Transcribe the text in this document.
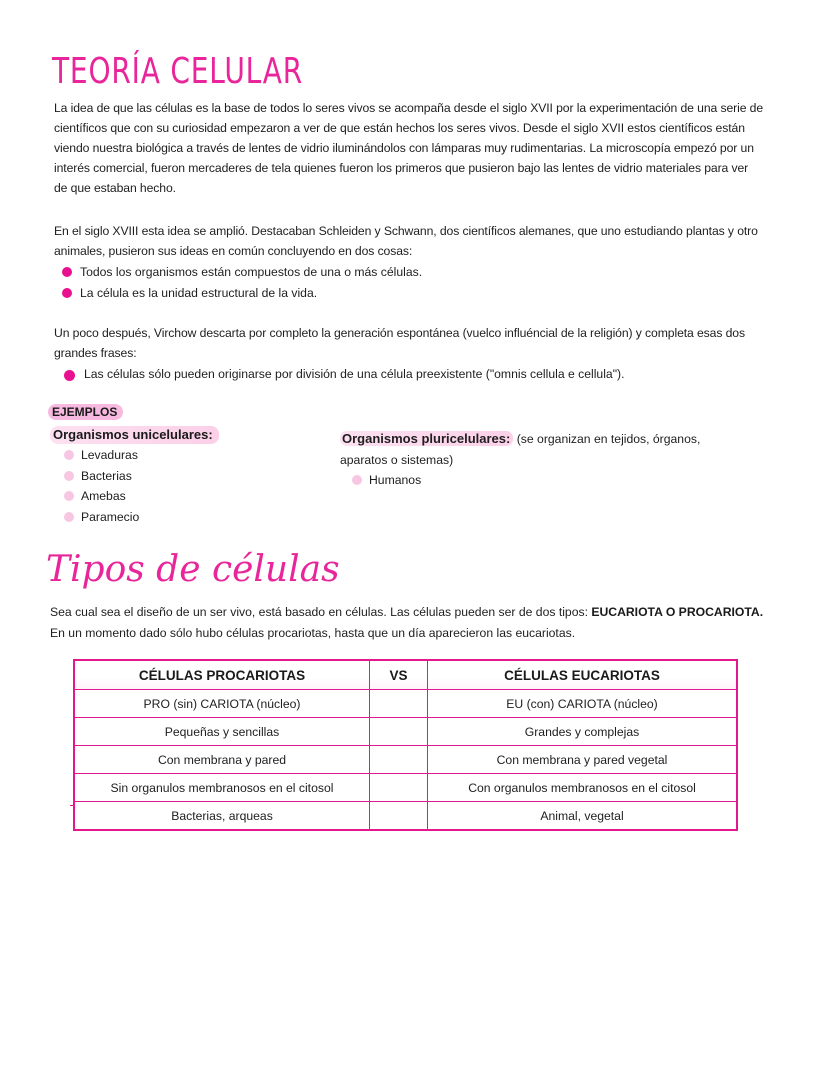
TEORÍA CELULAR
La idea de que las células es la base de todos lo seres vivos se acompaña desde el siglo XVII por la experimentación de una serie de científicos que con su curiosidad empezaron a ver de que están hechos los seres vivos. Desde el siglo XVII estos científicos están viendo nuestra biológica a través de lentes de vidrio iluminándolos con lámparas muy rudimentarias. La microscopía empezó por un interés comercial, fueron mercaderes de tela quienes fueron los primeros que pusieron bajo las lentes de vidrio materiales para ver de que estaban hecho.
En el siglo XVIII esta idea se amplió. Destacaban Schleiden y Schwann, dos científicos alemanes, que uno estudiando plantas y otro animales, pusieron sus ideas en común concluyendo en dos cosas:
Todos los organismos están compuestos de una o más células.
La célula es la unidad estructural de la vida.
Un poco después, Virchow descarta por completo la generación espontánea (vuelco influéncial de la religión) y completa esas dos grandes frases:
Las células sólo pueden originarse por división de una célula preexistente ("omnis cellula e cellula").
EJEMPLOS
Organismos unicelulares:
Levaduras
Bacterias
Amebas
Paramecio
Organismos pluricelulares: (se organizan en tejidos, órganos, aparatos o sistemas)
Humanos
Tipos de células
Sea cual sea el diseño de un ser vivo, está basado en células. Las células pueden ser de dos tipos: EUCARIOTA O PROCARIOTA.
En un momento dado sólo hubo células procariotas, hasta que un día aparecieron las eucariotas.
CÉLULAS PROCARIOTAS	VS	CÉLULAS EUCARIOTAS
PRO (sin) CARIOTA (núcleo)		EU (con) CARIOTA (núcleo)
Pequeñas y sencillas		Grandes y complejas
Con membrana y pared		Con membrana y pared vegetal
Sin organulos membranosos en el citosol		Con organulos membranosos en el citosol
Bacterias, arqueas		Animal, vegetal
